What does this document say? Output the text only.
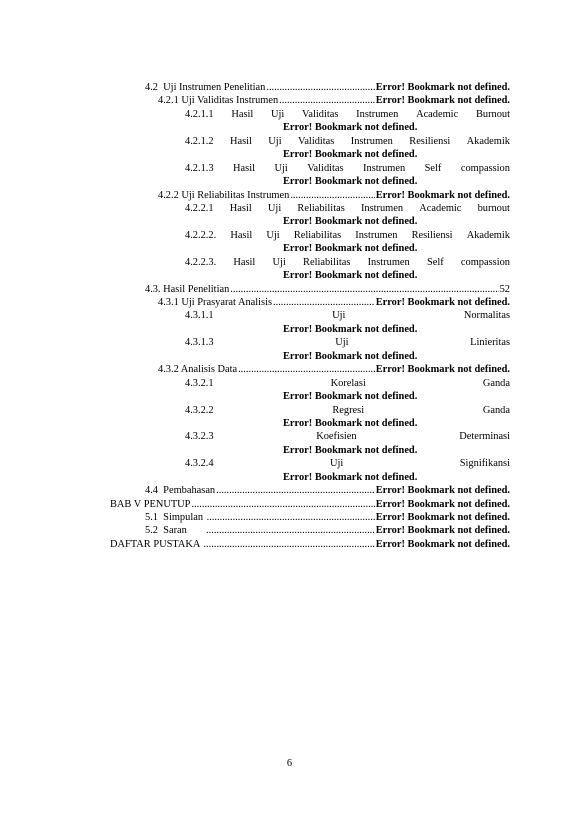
4.2  Uji Instrumen Penelitian .....	Error! Bookmark not defined.
4.2.1 Uji Validitas Instrumen .....	Error! Bookmark not defined.
4.2.1.1 Hasil Uji Validitas Instrumen Academic Burnout
Error! Bookmark not defined.
4.2.1.2 Hasil Uji Validitas Instrumen Resiliensi Akademik
Error! Bookmark not defined.
4.2.1.3 Hasil Uji Validitas Instrumen Self compassion
Error! Bookmark not defined.
4.2.2 Uji Reliabilitas Instrumen .....	Error! Bookmark not defined.
4.2.2.1 Hasil Uji Reliabilitas Instrumen Academic burnout
Error! Bookmark not defined.
4.2.2.2. Hasil Uji Reliabilitas Instrumen Resiliensi Akademik
Error! Bookmark not defined.
4.2.2.3. Hasil Uji Reliabilitas Instrumen Self compassion
Error! Bookmark not defined.
4.3. Hasil Penelitian .....	52
4.3.1 Uji Prasyarat Analisis .....	Error! Bookmark not defined.
4.3.1.1	Uji	Normalitas
Error! Bookmark not defined.
4.3.1.3	Uji	Linieritas
Error! Bookmark not defined.
4.3.2 Analisis Data .....	Error! Bookmark not defined.
4.3.2.1	Korelasi	Ganda
Error! Bookmark not defined.
4.3.2.2	Regresi	Ganda
Error! Bookmark not defined.
4.3.2.3	Koefisien	Determinasi
Error! Bookmark not defined.
4.3.2.4	Uji	Signifikansi
Error! Bookmark not defined.
4.4  Pembahasan .....	Error! Bookmark not defined.
BAB V PENUTUP .....	Error! Bookmark not defined.
5.1  Simpulan .....	Error! Bookmark not defined.
5.2  Saran .....	Error! Bookmark not defined.
DAFTAR PUSTAKA .....	Error! Bookmark not defined.
6
